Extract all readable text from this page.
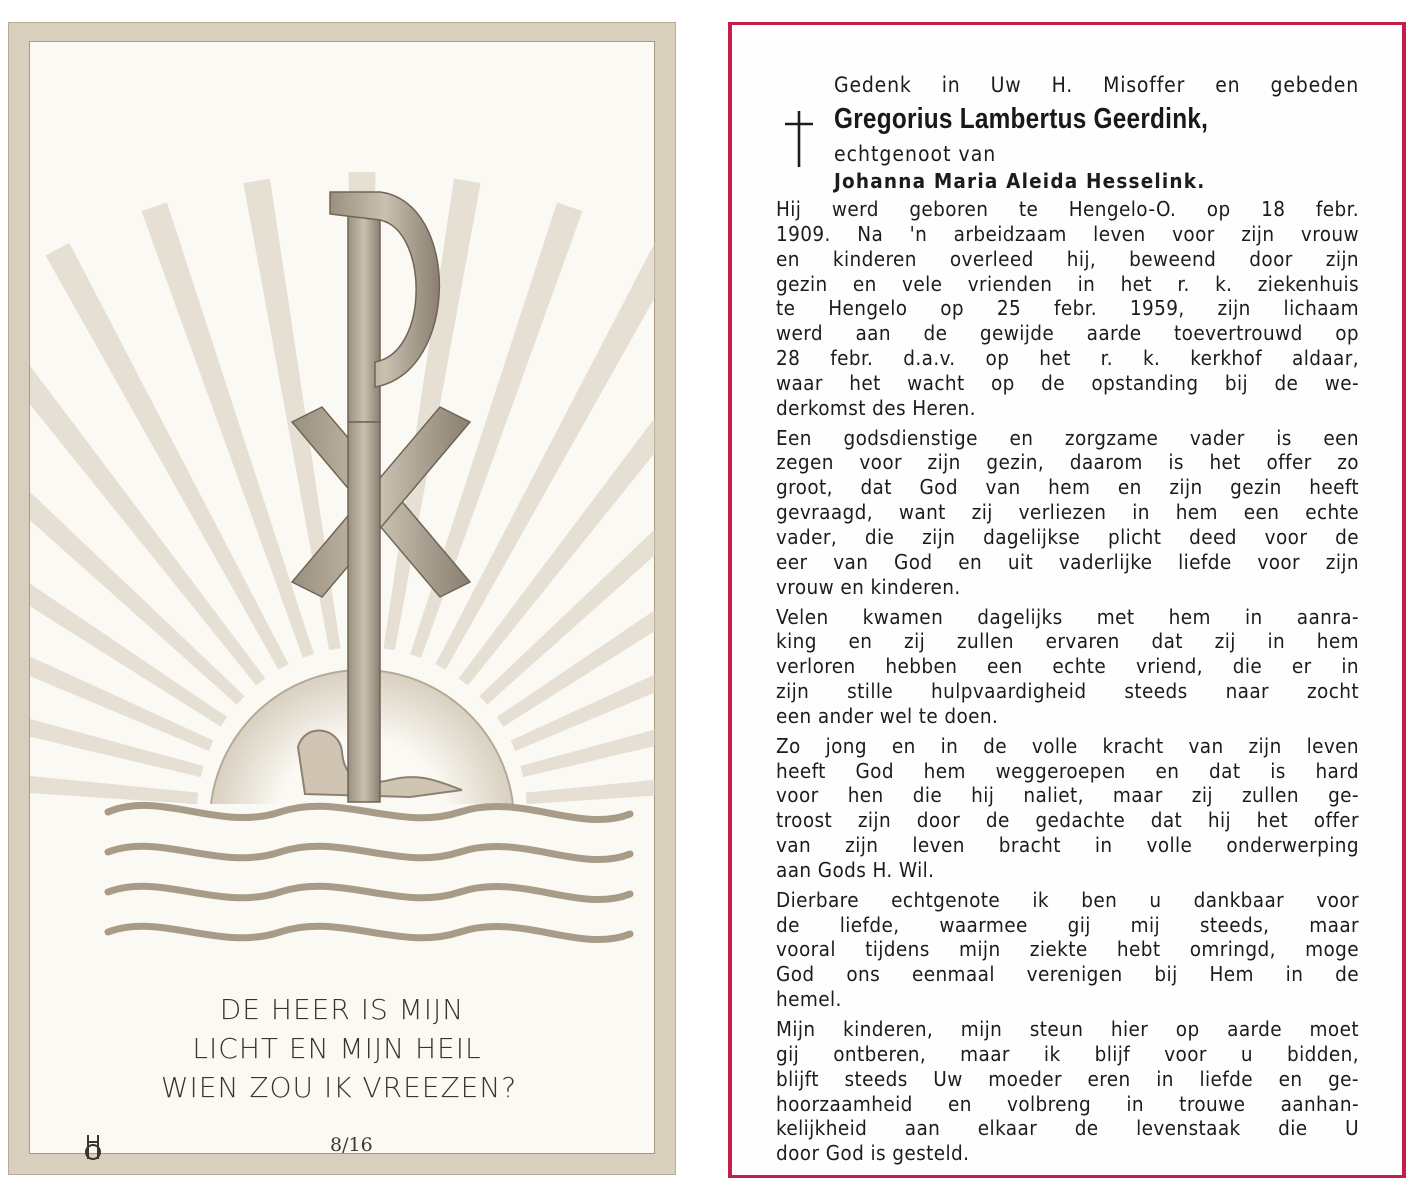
DE HEER IS MIJN
LICHT EN MIJN HEIL
WIEN ZOU IK VREEZEN?
8/16
Gedenk in Uw H. Misoffer en gebeden
Gregorius Lambertus Geerdink,
echtgenoot van
Johanna Maria Aleida Hesselink.
Hij werd geboren te Hengelo-O. op 18 febr.
1909. Na 'n arbeidzaam leven voor zijn vrouw
en kinderen overleed hij, beweend door zijn
gezin en vele vrienden in het r. k. ziekenhuis
te Hengelo op 25 febr. 1959, zijn lichaam
werd aan de gewijde aarde toevertrouwd op
28 febr. d.a.v. op het r. k. kerkhof aldaar,
waar het wacht op de opstanding bij de we-
derkomst des Heren.
Een godsdienstige en zorgzame vader is een
zegen voor zijn gezin, daarom is het offer zo
groot, dat God van hem en zijn gezin heeft
gevraagd, want zij verliezen in hem een echte
vader, die zijn dagelijkse plicht deed voor de
eer van God en uit vaderlijke liefde voor zijn
vrouw en kinderen.
Velen kwamen dagelijks met hem in aanra-
king en zij zullen ervaren dat zij in hem
verloren hebben een echte vriend, die er in
zijn stille hulpvaardigheid steeds naar zocht
een ander wel te doen.
Zo jong en in de volle kracht van zijn leven
heeft God hem weggeroepen en dat is hard
voor hen die hij naliet, maar zij zullen ge-
troost zijn door de gedachte dat hij het offer
van zijn leven bracht in volle onderwerping
aan Gods H. Wil.
Dierbare echtgenote ik ben u dankbaar voor
de liefde, waarmee gij mij steeds, maar
vooral tijdens mijn ziekte hebt omringd, moge
God ons eenmaal verenigen bij Hem in de
hemel.
Mijn kinderen, mijn steun hier op aarde moet
gij ontberen, maar ik blijf voor u bidden,
blijft steeds Uw moeder eren in liefde en ge-
hoorzaamheid en volbreng in trouwe aanhan-
kelijkheid aan elkaar de levenstaak die U
door God is gesteld.
